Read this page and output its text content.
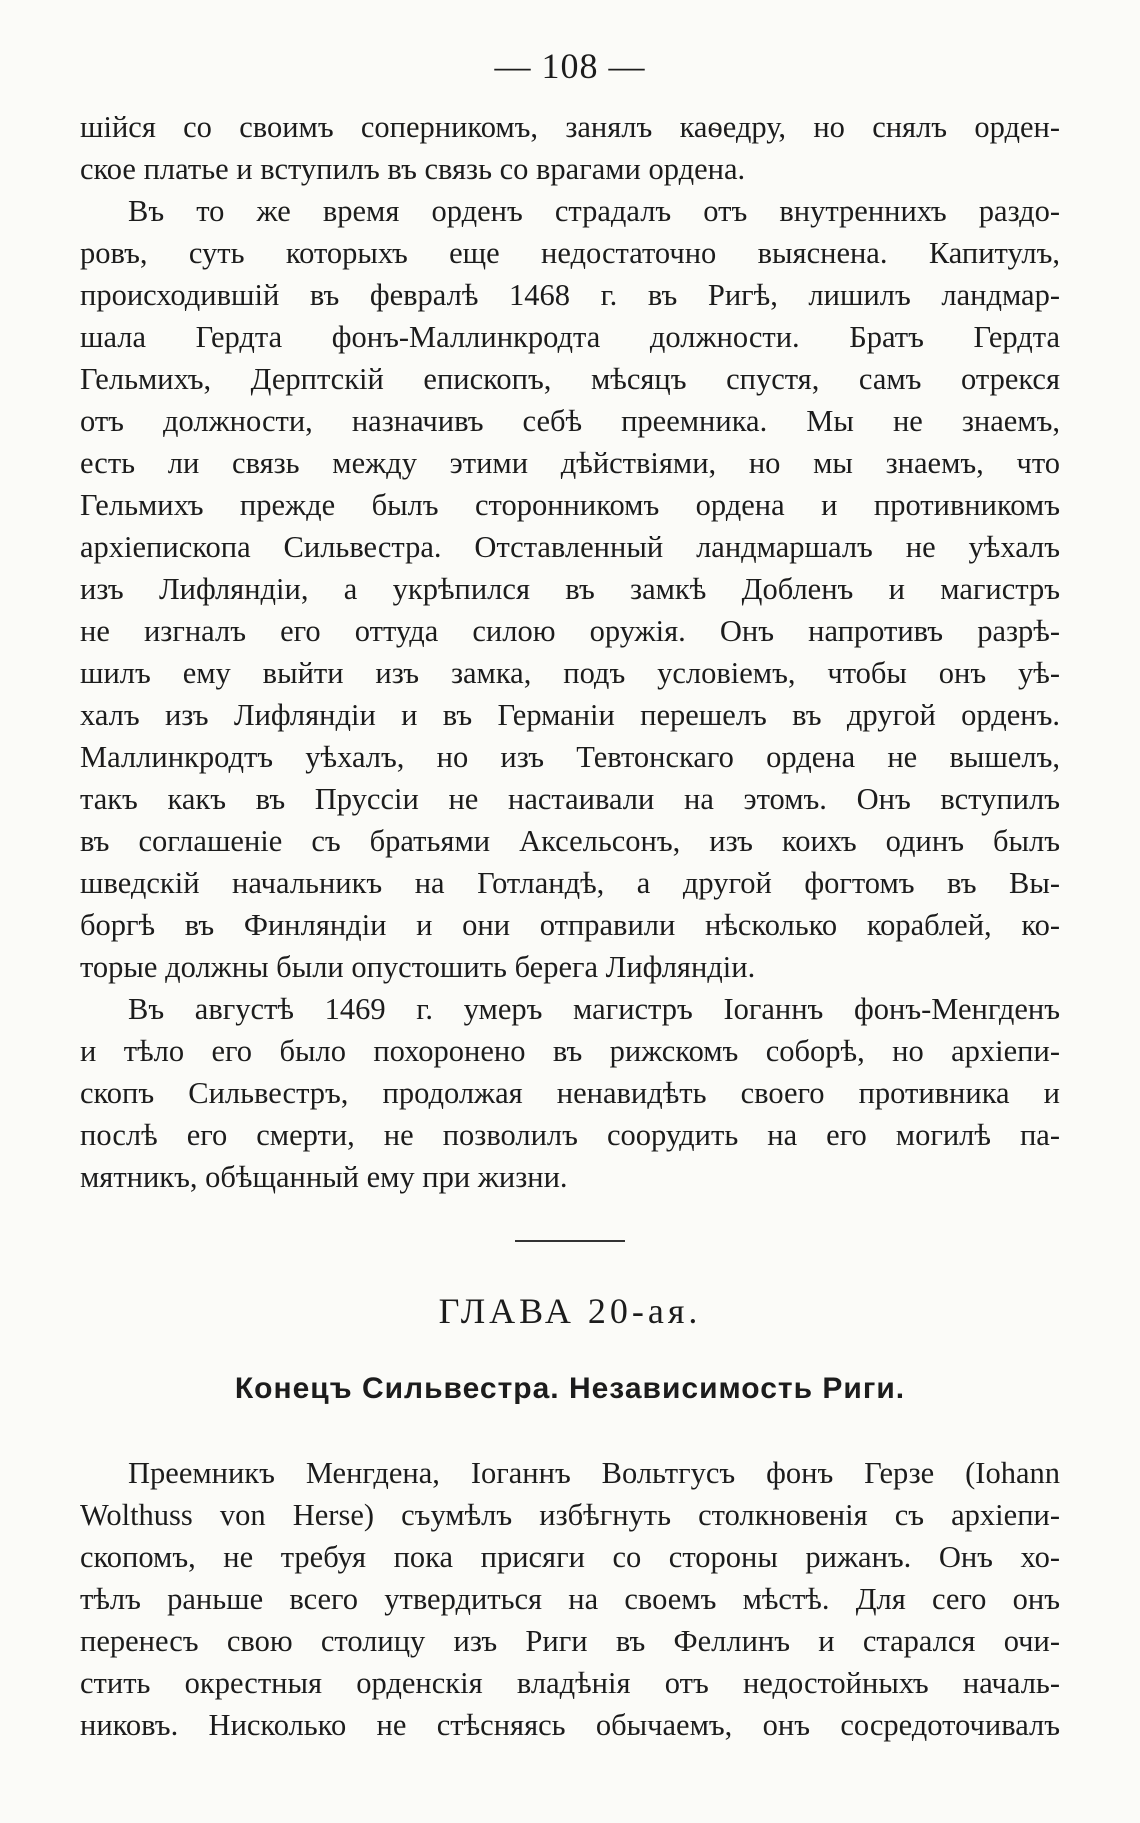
— 108 —
шійся со своимъ соперникомъ, занялъ каѳедру, но снялъ орден-
ское платье и вступилъ въ связь со врагами ордена.
Въ то же время орденъ страдалъ отъ внутреннихъ раздо-
ровъ, суть которыхъ еще недостаточно выяснена. Капитулъ,
происходившій въ февралѣ 1468 г. въ Ригѣ, лишилъ ландмар-
шала Гердта фонъ-Маллинкродта должности. Братъ Гердта
Гельмихъ, Дерптскій епископъ, мѣсяцъ спустя, самъ отрекся
отъ должности, назначивъ себѣ преемника. Мы не знаемъ,
есть ли связь между этими дѣйствіями, но мы знаемъ, что
Гельмихъ прежде былъ сторонникомъ ордена и противникомъ
архіепископа Сильвестра. Отставленный ландмаршалъ не уѣхалъ
изъ Лифляндіи, а укрѣпился въ замкѣ Добленъ и магистръ
не изгналъ его оттуда силою оружія. Онъ напротивъ разрѣ-
шилъ ему выйти изъ замка, подъ условіемъ, чтобы онъ уѣ-
халъ изъ Лифляндіи и въ Германіи перешелъ въ другой орденъ.
Маллинкродтъ уѣхалъ, но изъ Тевтонскаго ордена не вышелъ,
такъ какъ въ Пруссіи не настаивали на этомъ. Онъ вступилъ
въ соглашеніе съ братьями Аксельсонъ, изъ коихъ одинъ былъ
шведскій начальникъ на Готландѣ, а другой фогтомъ въ Вы-
боргѣ въ Финляндіи и они отправили нѣсколько кораблей, ко-
торые должны были опустошить берега Лифляндіи.
Въ августѣ 1469 г. умеръ магистръ Іоганнъ фонъ-Менгденъ
и тѣло его было похоронено въ рижскомъ соборѣ, но архіепи-
скопъ Сильвестръ, продолжая ненавидѣть своего противника и
послѣ его смерти, не позволилъ соорудить на его могилѣ па-
мятникъ, обѣщанный ему при жизни.
ГЛАВА 20-ая.
Конецъ Сильвестра. Независимость Риги.
Преемникъ Менгдена, Іоганнъ Вольтгусъ фонъ Герзе (Iohann
Wolthuss von Herse) съумѣлъ избѣгнуть столкновенія съ архіепи-
скопомъ, не требуя пока присяги со стороны рижанъ. Онъ хо-
тѣлъ раньше всего утвердиться на своемъ мѣстѣ. Для сего онъ
перенесъ свою столицу изъ Риги въ Феллинъ и старался очи-
стить окрестныя орденскія владѣнія отъ недостойныхъ началь-
никовъ. Нисколько не стѣсняясь обычаемъ, онъ сосредоточивалъ
